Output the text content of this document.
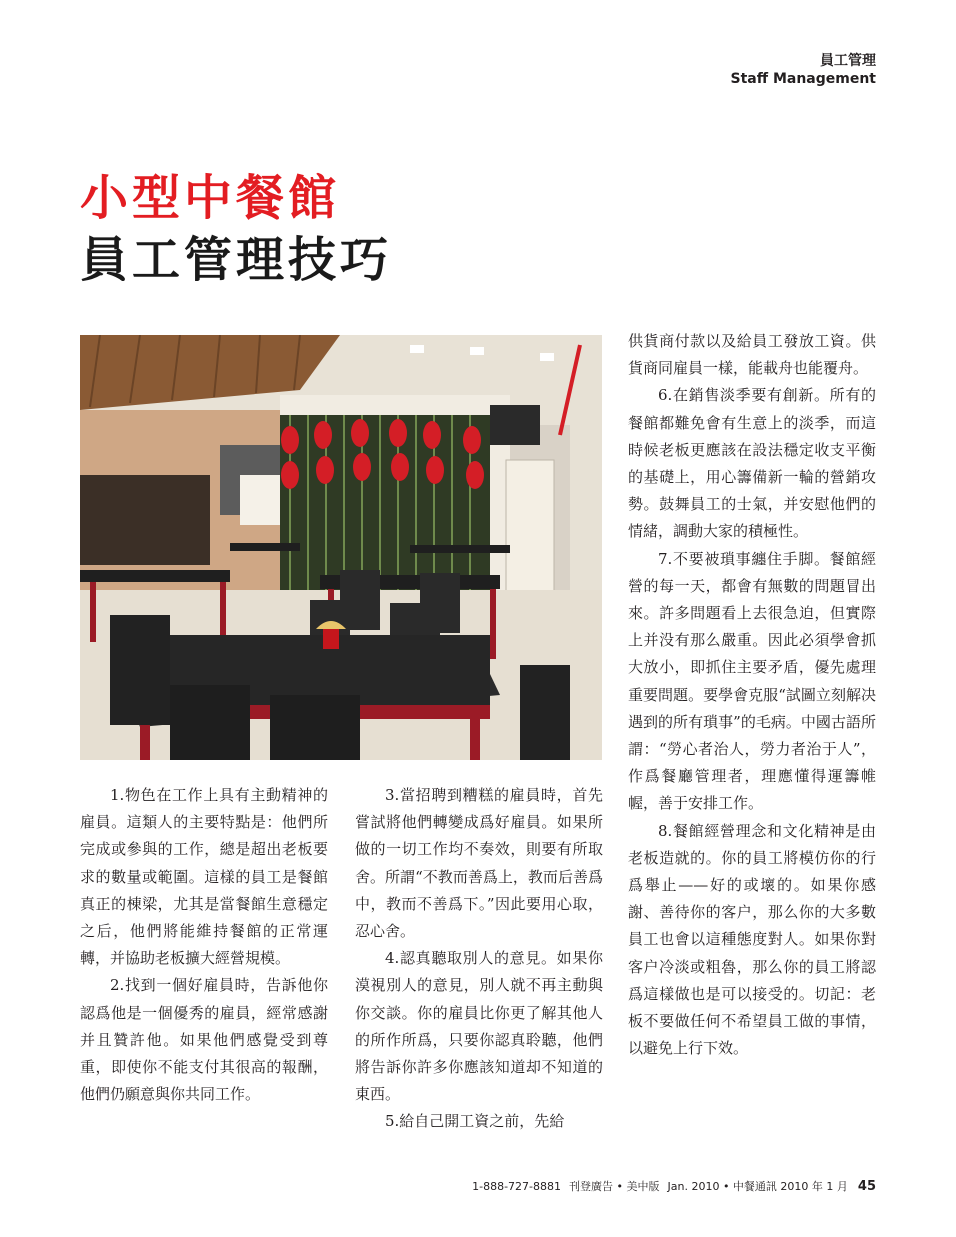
員工管理
Staff Management
小型中餐館
員工管理技巧

1.物色在工作上具有主動精神的雇員。這類人的主要特點是：他們所完成或參與的工作，總是超出老板要求的數量或範圍。這樣的員工是餐館真正的棟梁，尤其是當餐館生意穩定之后，他們將能維持餐館的正常運轉，并協助老板擴大經營規模。

2.找到一個好雇員時，告訴他你認爲他是一個優秀的雇員，經常感謝并且贊許他。如果他們感覺受到尊重，即使你不能支付其很高的報酬，他們仍願意與你共同工作。

3.當招聘到糟糕的雇員時，首先嘗試將他們轉變成爲好雇員。如果所做的一切工作均不奏效，則要有所取舍。所謂“不教而善爲上，教而后善爲中，教而不善爲下。”因此要用心取，忍心舍。

4.認真聽取別人的意見。如果你漠視別人的意見，別人就不再主動與你交談。你的雇員比你更了解其他人的所作所爲，只要你認真聆聽，他們將告訴你許多你應該知道却不知道的東西。

5.給自己開工資之前，先給

供貨商付款以及給員工發放工資。供貨商同雇員一樣，能載舟也能覆舟。

6.在銷售淡季要有創新。所有的餐館都難免會有生意上的淡季，而這時候老板更應該在設法穩定收支平衡的基礎上，用心籌備新一輪的營銷攻勢。鼓舞員工的士氣，并安慰他們的情緒，調動大家的積極性。

7.不要被瑣事纏住手脚。餐館經營的每一天，都會有無數的問題冒出來。許多問題看上去很急迫，但實際上并没有那么嚴重。因此必須學會抓大放小，即抓住主要矛盾，優先處理重要問題。要學會克服“試圖立刻解决遇到的所有瑣事”的毛病。中國古語所謂：“勞心者治人，勞力者治于人”，作爲餐廳管理者，理應懂得運籌帷幄，善于安排工作。

8.餐館經營理念和文化精神是由老板造就的。你的員工將模仿你的行爲舉止——好的或壞的。如果你感謝、善待你的客户，那么你的大多數員工也會以這種態度對人。如果你對客户冷淡或粗魯，那么你的員工將認爲這樣做也是可以接受的。切記：老板不要做任何不希望員工做的事情，以避免上行下效。

1-888-727-8881 刊登廣告 • 美中版 Jan. 2010 • 中餐通訊 2010 年 1 月 45
